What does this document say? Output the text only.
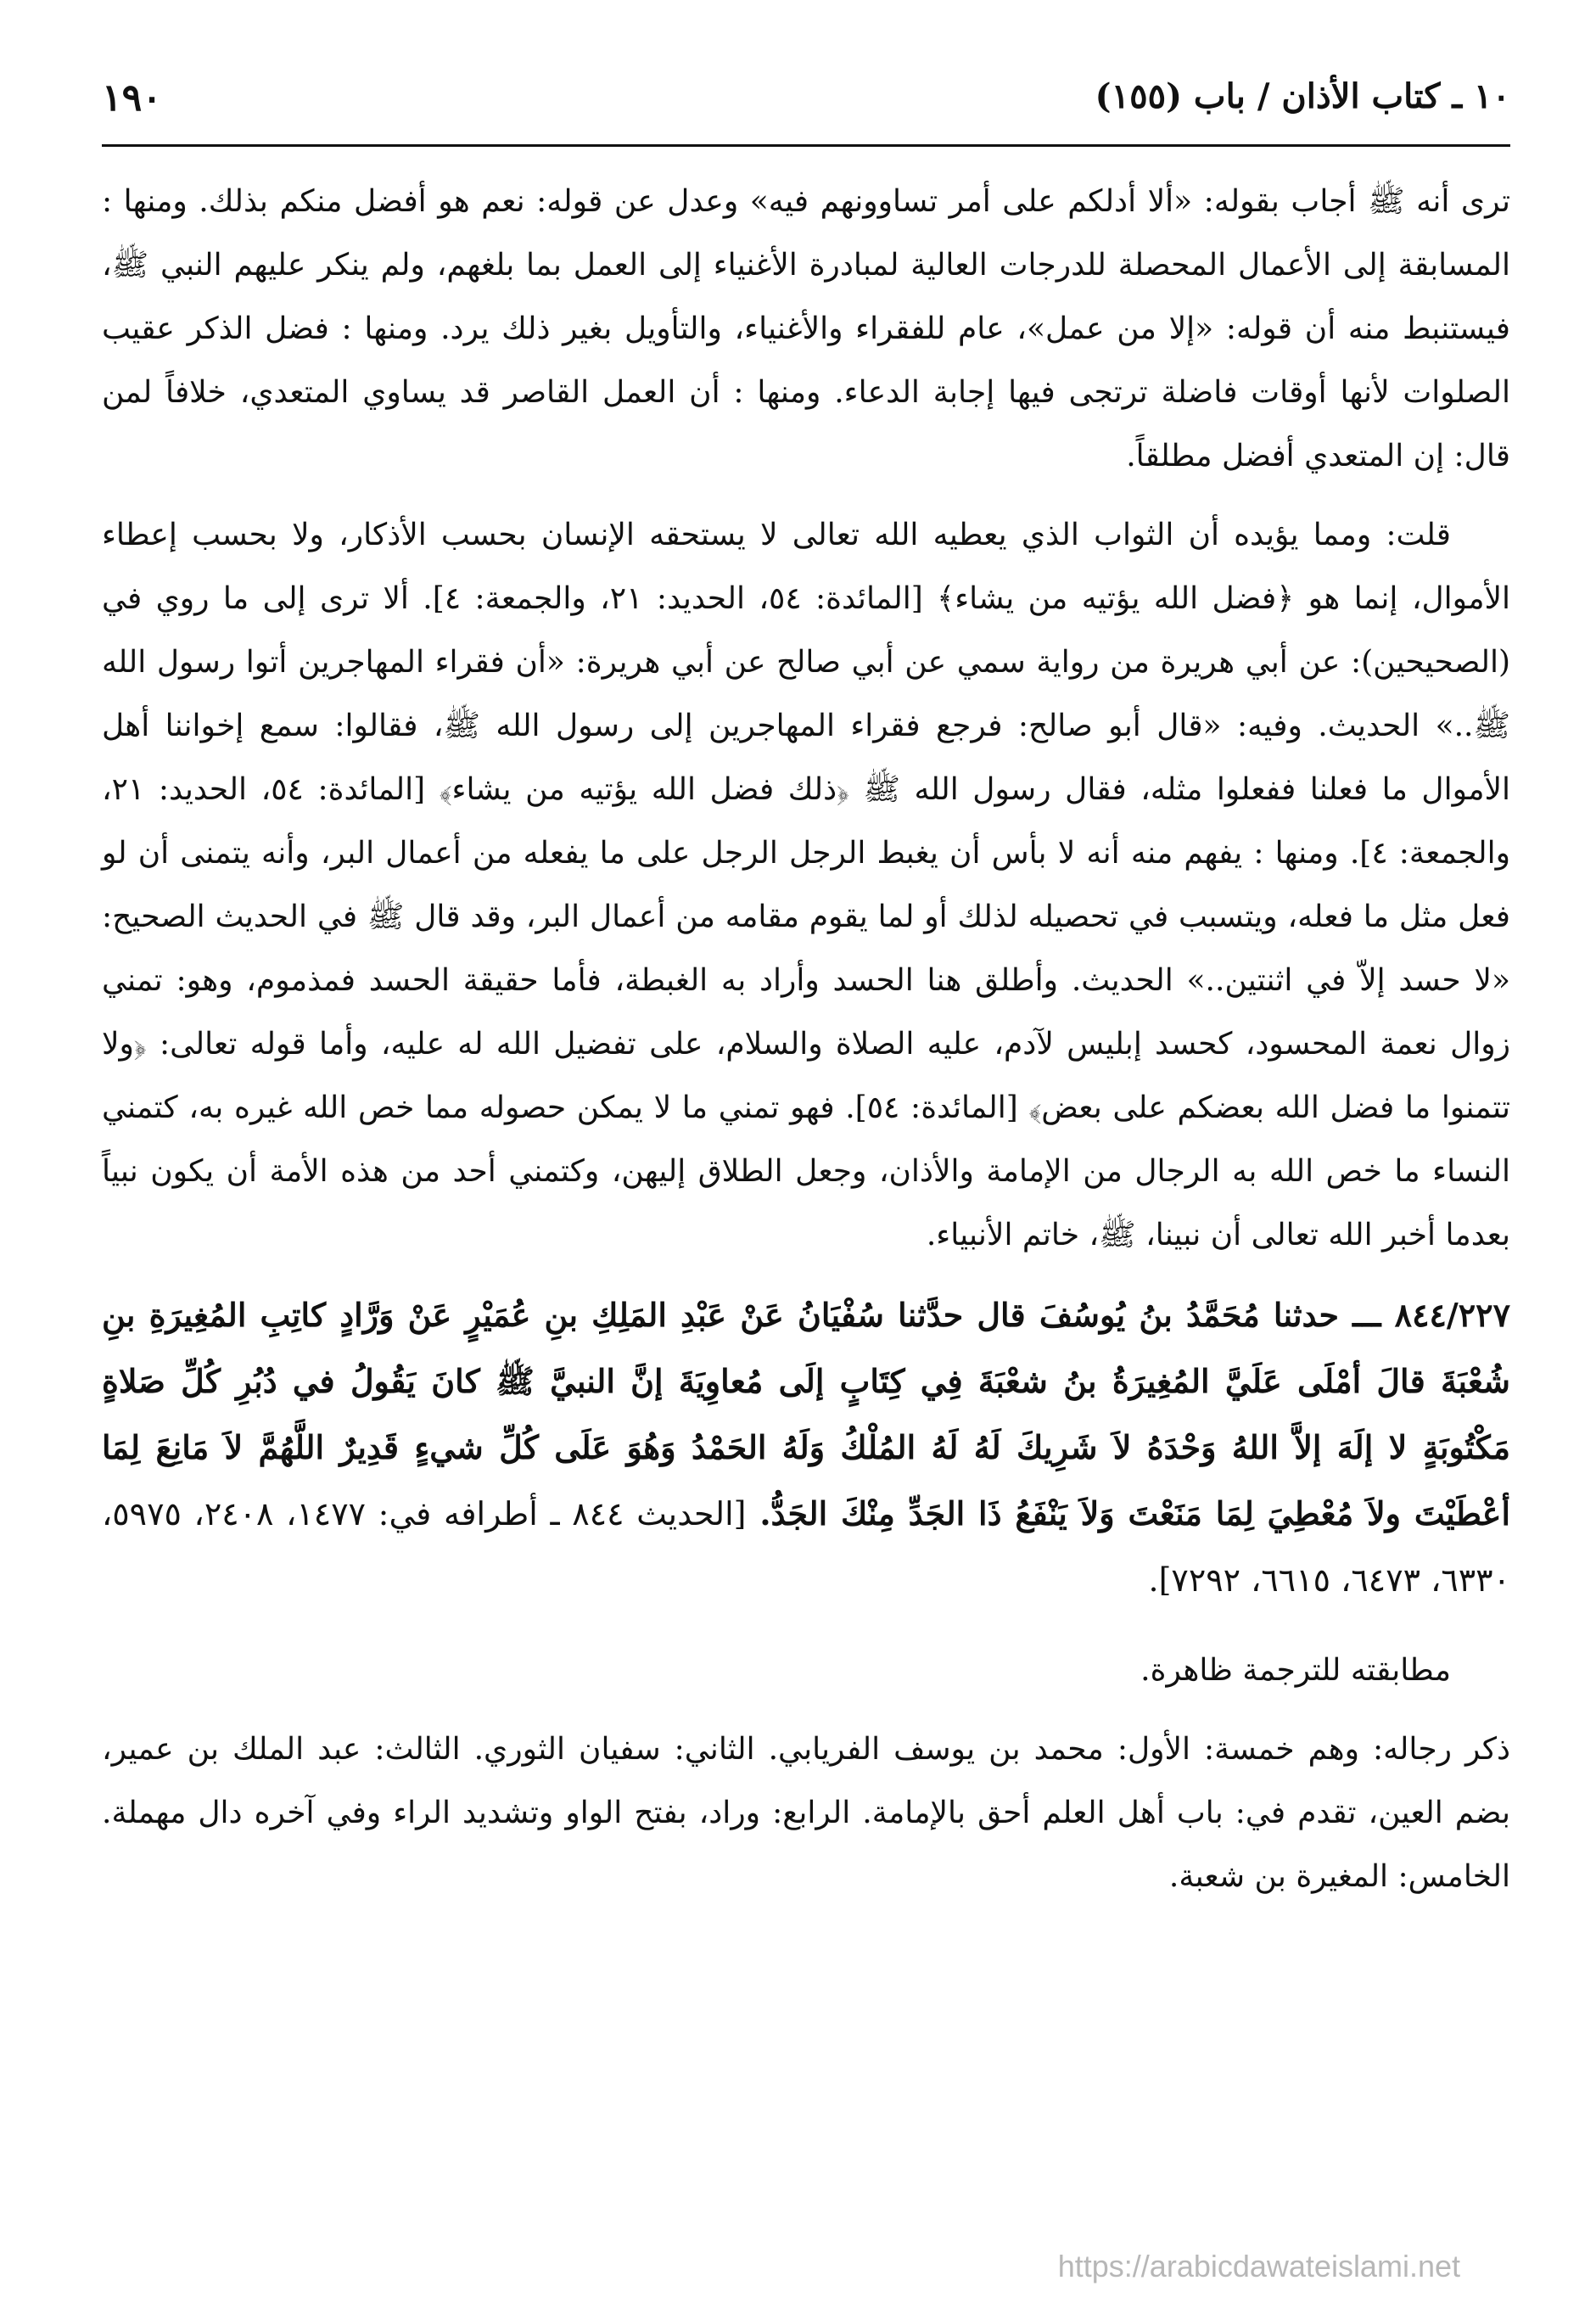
١٠ ـ كتاب الأذان / باب (١٥٥)
١٩٠

ترى أنه ﷺ أجاب بقوله: «ألا أدلكم على أمر تساوونهم فيه» وعدل عن قوله: نعم هو أفضل منكم بذلك. ومنها : المسابقة إلى الأعمال المحصلة للدرجات العالية لمبادرة الأغنياء إلى العمل بما بلغهم، ولم ينكر عليهم النبي ﷺ، فيستنبط منه أن قوله: «إلا من عمل»، عام للفقراء والأغنياء، والتأويل بغير ذلك يرد. ومنها : فضل الذكر عقيب الصلوات لأنها أوقات فاضلة ترتجى فيها إجابة الدعاء. ومنها : أن العمل القاصر قد يساوي المتعدي، خلافاً لمن قال: إن المتعدي أفضل مطلقاً.

قلت: ومما يؤيده أن الثواب الذي يعطيه الله تعالى لا يستحقه الإنسان بحسب الأذكار، ولا بحسب إعطاء الأموال، إنما هو ﴿فضل الله يؤتيه من يشاء﴾ [المائدة: ٥٤، الحديد: ٢١، والجمعة: ٤]. ألا ترى إلى ما روي في (الصحيحين): عن أبي هريرة من رواية سمي عن أبي صالح عن أبي هريرة: «أن فقراء المهاجرين أتوا رسول الله ﷺ..» الحديث. وفيه: «قال أبو صالح: فرجع فقراء المهاجرين إلى رسول الله ﷺ، فقالوا: سمع إخواننا أهل الأموال ما فعلنا ففعلوا مثله، فقال رسول الله ﷺ ﴿ذلك فضل الله يؤتيه من يشاء﴾ [المائدة: ٥٤، الحديد: ٢١، والجمعة: ٤]. ومنها : يفهم منه أنه لا بأس أن يغبط الرجل الرجل على ما يفعله من أعمال البر، وأنه يتمنى أن لو فعل مثل ما فعله، ويتسبب في تحصيله لذلك أو لما يقوم مقامه من أعمال البر، وقد قال ﷺ في الحديث الصحيح: «لا حسد إلاّ في اثنتين..» الحديث. وأطلق هنا الحسد وأراد به الغبطة، فأما حقيقة الحسد فمذموم، وهو: تمني زوال نعمة المحسود، كحسد إبليس لآدم، عليه الصلاة والسلام، على تفضيل الله له عليه، وأما قوله تعالى: ﴿ولا تتمنوا ما فضل الله بعضكم على بعض﴾ [المائدة: ٥٤]. فهو تمني ما لا يمكن حصوله مما خص الله غيره به، كتمني النساء ما خص الله به الرجال من الإمامة والأذان، وجعل الطلاق إليهن، وكتمني أحد من هذه الأمة أن يكون نبياً بعدما أخبر الله تعالى أن نبينا، ﷺ، خاتم الأنبياء.

٨٤٤/٢٢٧ ـــ حدثنا مُحَمَّدُ بنُ يُوسُفَ قال حدَّثنا سُفْيَانُ عَنْ عَبْدِ المَلِكِ بنِ عُمَيْرٍ عَنْ وَرَّادٍ كاتِبِ المُغِيرَةِ بنِ شُعْبَةَ قالَ أمْلَى عَلَيَّ المُغِيرَةُ بنُ شعْبَةَ فِي كِتَابٍ إلَى مُعاوِيَةَ إنَّ النبيَّ ﷺ كانَ يَقُولُ في دُبُرِ كُلِّ صَلاةٍ مَكْتُوبَةٍ لا إلَهَ إلاَّ اللهُ وَحْدَهُ لاَ شَرِيكَ لَهُ لَهُ المُلْكُ وَلَهُ الحَمْدُ وَهُوَ عَلَى كُلِّ شيءٍ قَدِيرٌ اللَّهُمَّ لاَ مَانِعَ لِمَا أعْطَيْتَ ولاَ مُعْطِيَ لِمَا مَنَعْتَ وَلاَ يَنْفَعُ ذَا الجَدِّ مِنْكَ الجَدُّ. [الحديث ٨٤٤ ـ أطرافه في: ١٤٧٧، ٢٤٠٨، ٥٩٧٥، ٦٣٣٠، ٦٤٧٣، ٦٦١٥، ٧٢٩٢].

مطابقته للترجمة ظاهرة.

ذكر رجاله: وهم خمسة: الأول: محمد بن يوسف الفريابي. الثاني: سفيان الثوري. الثالث: عبد الملك بن عمير، بضم العين، تقدم في: باب أهل العلم أحق بالإمامة. الرابع: وراد، بفتح الواو وتشديد الراء وفي آخره دال مهملة. الخامس: المغيرة بن شعبة.

https://arabicdawateislami.net
